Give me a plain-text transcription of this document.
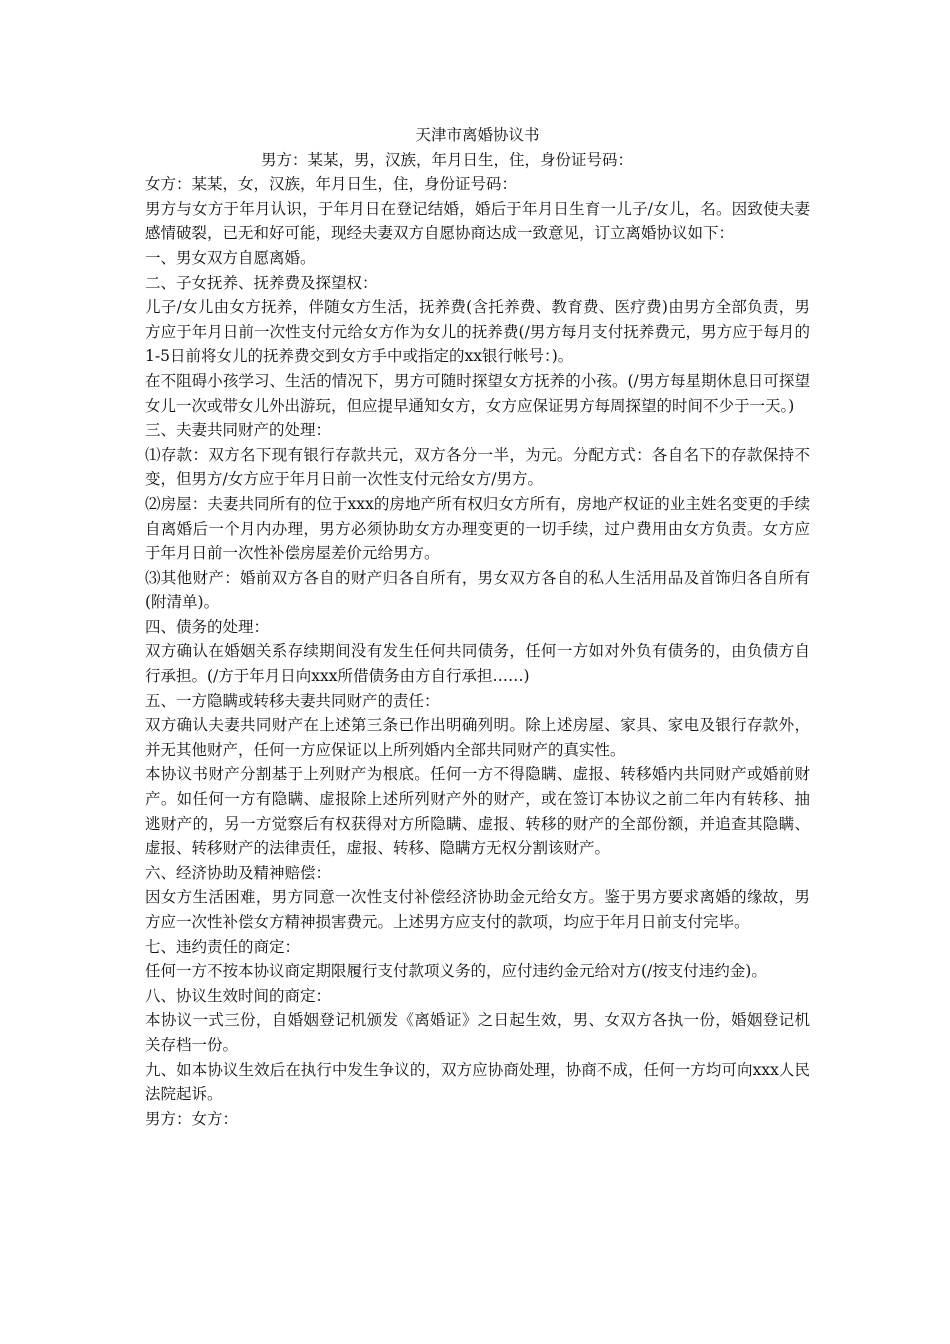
天津市离婚协议书

男方：某某，男，汉族，年月日生，住，身份证号码：

女方：某某，女，汉族，年月日生，住，身份证号码：

男方与女方于年月认识，于年月日在登记结婚，婚后于年月日生育一儿子/女儿，名。因致使夫妻感情破裂，已无和好可能，现经夫妻双方自愿协商达成一致意见，订立离婚协议如下：

一、男女双方自愿离婚。

二、子女抚养、抚养费及探望权：

儿子/女儿由女方抚养，伴随女方生活，抚养费(含托养费、教育费、医疗费)由男方全部负责，男方应于年月日前一次性支付元给女方作为女儿的抚养费(/男方每月支付抚养费元，男方应于每月的1-5日前将女儿的抚养费交到女方手中或指定的xx银行帐号：)。

在不阻碍小孩学习、生活的情况下，男方可随时探望女方抚养的小孩。(/男方每星期休息日可探望女儿一次或带女儿外出游玩，但应提早通知女方，女方应保证男方每周探望的时间不少于一天。)

三、夫妻共同财产的处理：

⑴存款：双方名下现有银行存款共元，双方各分一半，为元。分配方式：各自名下的存款保持不变，但男方/女方应于年月日前一次性支付元给女方/男方。

⑵房屋：夫妻共同所有的位于xxx的房地产所有权归女方所有，房地产权证的业主姓名变更的手续自离婚后一个月内办理，男方必须协助女方办理变更的一切手续，过户费用由女方负责。女方应于年月日前一次性补偿房屋差价元给男方。

⑶其他财产：婚前双方各自的财产归各自所有，男女双方各自的私人生活用品及首饰归各自所有(附清单)。

四、债务的处理：

双方确认在婚姻关系存续期间没有发生任何共同债务，任何一方如对外负有债务的，由负债方自行承担。(/方于年月日向xxx所借债务由方自行承担……)

五、一方隐瞒或转移夫妻共同财产的责任：

双方确认夫妻共同财产在上述第三条已作出明确列明。除上述房屋、家具、家电及银行存款外，并无其他财产，任何一方应保证以上所列婚内全部共同财产的真实性。

本协议书财产分割基于上列财产为根底。任何一方不得隐瞒、虚报、转移婚内共同财产或婚前财产。如任何一方有隐瞒、虚报除上述所列财产外的财产，或在签订本协议之前二年内有转移、抽逃财产的，另一方觉察后有权获得对方所隐瞒、虚报、转移的财产的全部份额，并追查其隐瞒、虚报、转移财产的法律责任，虚报、转移、隐瞒方无权分割该财产。

六、经济协助及精神赔偿：

因女方生活困难，男方同意一次性支付补偿经济协助金元给女方。鉴于男方要求离婚的缘故，男方应一次性补偿女方精神损害费元。上述男方应支付的款项，均应于年月日前支付完毕。

七、违约责任的商定：

任何一方不按本协议商定期限履行支付款项义务的，应付违约金元给对方(/按支付违约金)。

八、协议生效时间的商定：

本协议一式三份，自婚姻登记机颁发《离婚证》之日起生效，男、女双方各执一份，婚姻登记机关存档一份。

九、如本协议生效后在执行中发生争议的，双方应协商处理，协商不成，任何一方均可向xxx人民法院起诉。

男方：女方：
